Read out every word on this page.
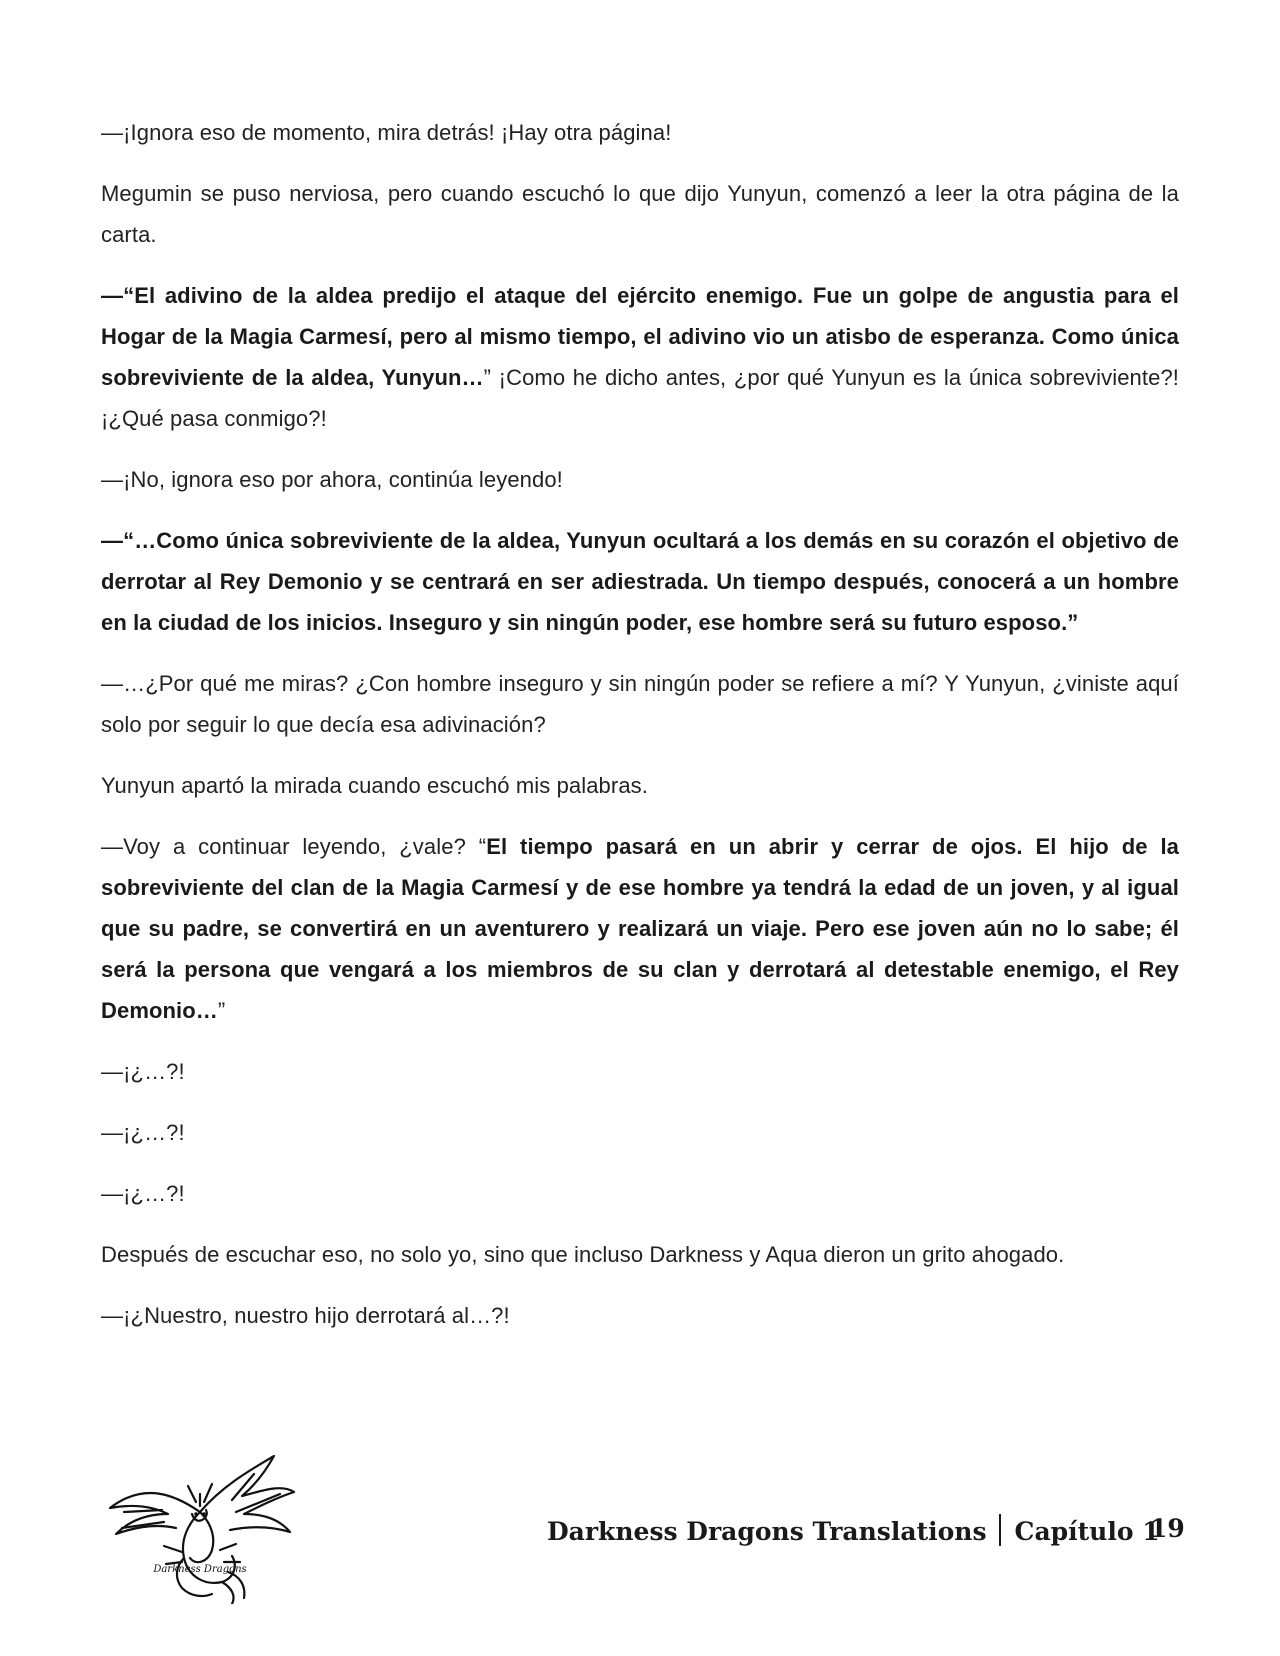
—¡Ignora eso de momento, mira detrás! ¡Hay otra página!

Megumin se puso nerviosa, pero cuando escuchó lo que dijo Yunyun, comenzó a leer la otra página de la carta.

—“El adivino de la aldea predijo el ataque del ejército enemigo. Fue un golpe de angustia para el Hogar de la Magia Carmesí, pero al mismo tiempo, el adivino vio un atisbo de esperanza. Como única sobreviviente de la aldea, Yunyun…” ¡Como he dicho antes, ¿por qué Yunyun es la única sobreviviente?! ¡¿Qué pasa conmigo?!

—¡No, ignora eso por ahora, continúa leyendo!

—“…Como única sobreviviente de la aldea, Yunyun ocultará a los demás en su corazón el objetivo de derrotar al Rey Demonio y se centrará en ser adiestrada. Un tiempo después, conocerá a un hombre en la ciudad de los inicios. Inseguro y sin ningún poder, ese hombre será su futuro esposo.”

—…¿Por qué me miras? ¿Con hombre inseguro y sin ningún poder se refiere a mí? Y Yunyun, ¿viniste aquí solo por seguir lo que decía esa adivinación?

Yunyun apartó la mirada cuando escuchó mis palabras.

—Voy a continuar leyendo, ¿vale? “El tiempo pasará en un abrir y cerrar de ojos. El hijo de la sobreviviente del clan de la Magia Carmesí y de ese hombre ya tendrá la edad de un joven, y al igual que su padre, se convertirá en un aventurero y realizará un viaje. Pero ese joven aún no lo sabe; él será la persona que vengará a los miembros de su clan y derrotará al detestable enemigo, el Rey Demonio…”

—¡¿…?!

—¡¿…?!

—¡¿…?!

Después de escuchar eso, no solo yo, sino que incluso Darkness y Aqua dieron un grito ahogado.

—¡¿Nuestro, nuestro hijo derrotará al…?!

Darkness Dragons
Darkness Dragons Translations Capítulo 1
19
